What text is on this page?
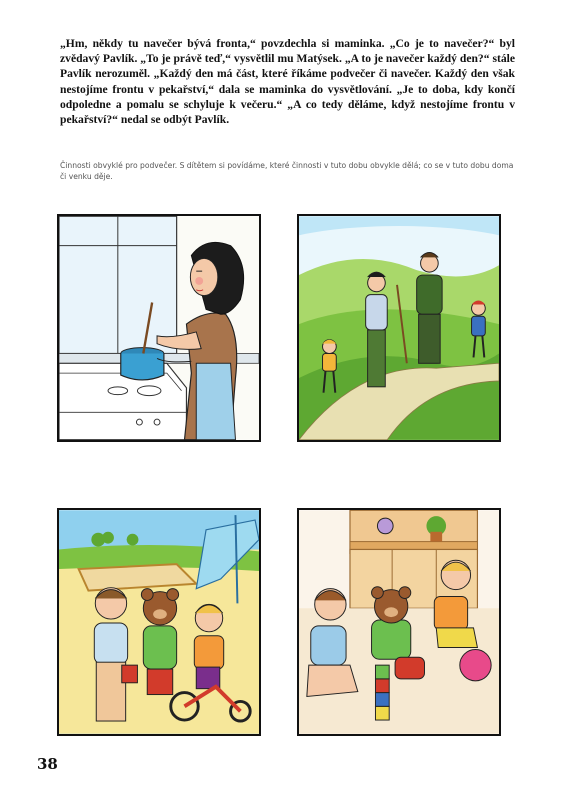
„Hm, někdy tu navečer bývá fronta,“ povzdechla si maminka. „Co je to navečer?“ byl zvědavý Pavlík. „To je právě teď,“ vysvětlil mu Matýsek. „A to je navečer každý den?“ stále Pavlík nerozuměl. „Každý den má část, které říkáme podvečer či navečer. Každý den však nestojíme frontu v pekařství,“ dala se maminka do vysvětlování. „Je to doba, kdy končí odpoledne a pomalu se schyluje k večeru.“ „A co tedy děláme, když nestojíme frontu v pekařství?“ nedal se odbýt Pavlík.

Činnosti obvyklé pro podvečer. S dítětem si povídáme, které činnosti v tuto dobu obvykle dělá; co se v tuto dobu doma či venku děje.
38
